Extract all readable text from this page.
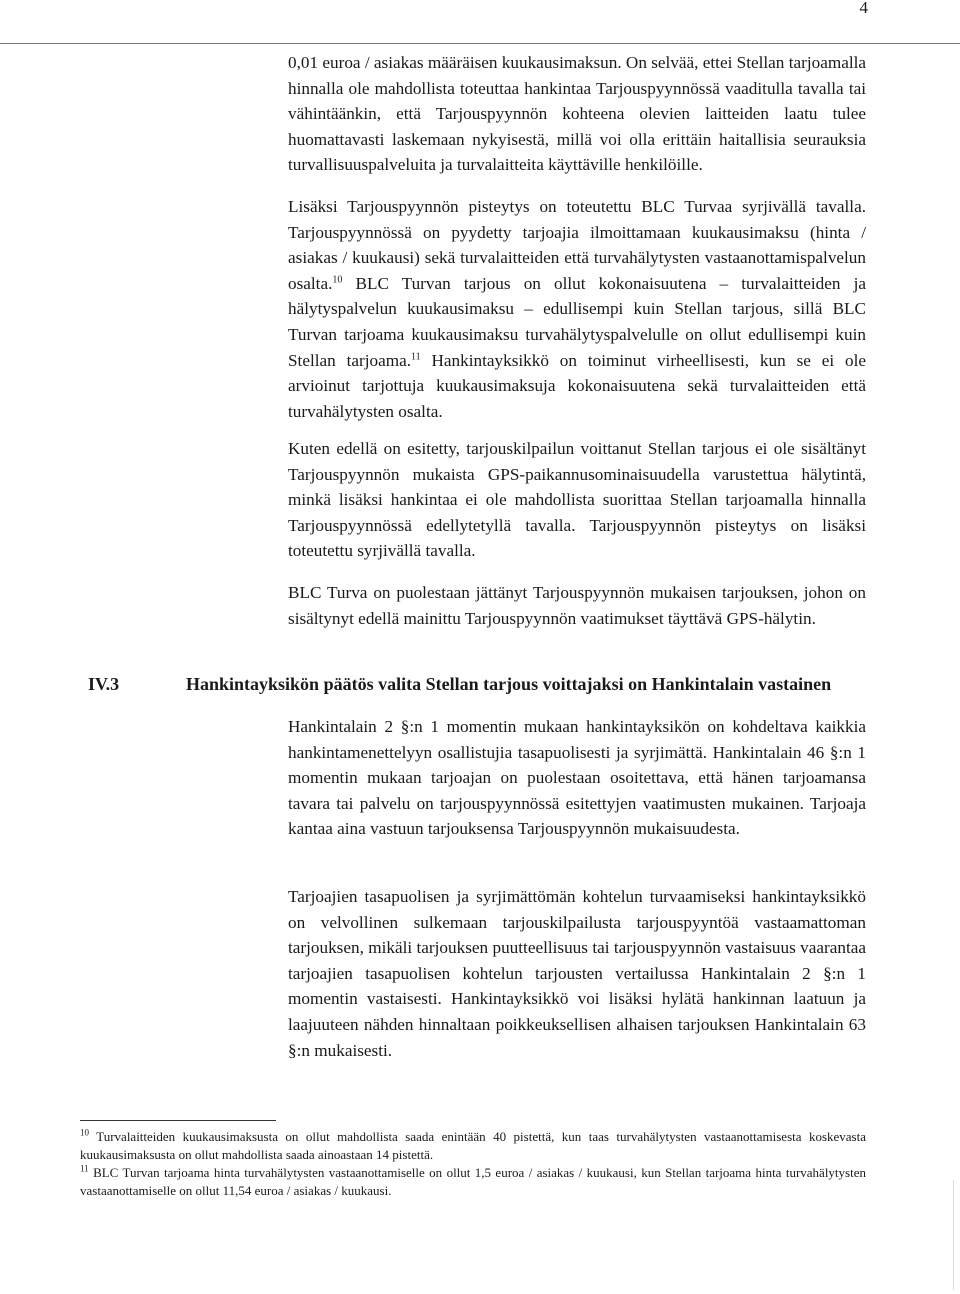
4

0,01 euroa / asiakas määräisen kuukausimaksun. On selvää, ettei Stellan tarjoamalla hinnalla ole mahdollista toteuttaa hankintaa Tarjouspyynnössä vaaditulla tavalla tai vähintäänkin, että Tarjouspyynnön kohteena olevien laitteiden laatu tulee huomattavasti laskemaan nykyisestä, millä voi olla erittäin haitallisia seurauksia turvallisuuspalveluita ja turvalaitteita käyttäville henkilöille.

Lisäksi Tarjouspyynnön pisteytys on toteutettu BLC Turvaa syrjivällä tavalla. Tarjouspyynnössä on pyydetty tarjoajia ilmoittamaan kuukausimaksu (hinta / asiakas / kuukausi) sekä turvalaitteiden että turvahälytysten vastaanottamispalvelun osalta.$^{10}$ BLC Turvan tarjous on ollut kokonaisuutena – turvalaitteiden ja hälytyspalvelun kuukausimaksu – edullisempi kuin Stellan tarjous, sillä BLC Turvan tarjoama kuukausimaksu turvahälytyspalvelulle on ollut edullisempi kuin Stellan tarjoama.$^{11}$ Hankintayksikkö on toiminut virheellisesti, kun se ei ole arvioinut tarjottuja kuukausimaksuja kokonaisuutena sekä turvalaitteiden että turvahälytysten osalta.

Kuten edellä on esitetty, tarjouskilpailun voittanut Stellan tarjous ei ole sisältänyt Tarjouspyynnön mukaista GPS-paikannusominaisuudella varustettua hälytintä, minkä lisäksi hankintaa ei ole mahdollista suorittaa Stellan tarjoamalla hinnalla Tarjouspyynnössä edellytetyllä tavalla. Tarjouspyynnön pisteytys on lisäksi toteutettu syrjivällä tavalla.

BLC Turva on puolestaan jättänyt Tarjouspyynnön mukaisen tarjouksen, johon on sisältynyt edellä mainittu Tarjouspyynnön vaatimukset täyttävä GPS-hälytin.

IV.3	Hankintayksikön päätös valita Stellan tarjous voittajaksi on Hankintalain vastainen

Hankintalain 2 §:n 1 momentin mukaan hankintayksikön on kohdeltava kaikkia hankintamenettelyyn osallistujia tasapuolisesti ja syrjimättä. Hankintalain 46 §:n 1 momentin mukaan tarjoajan on puolestaan osoitettava, että hänen tarjoamansa tavara tai palvelu on tarjouspyynnössä esitettyjen vaatimusten mukainen. Tarjoaja kantaa aina vastuun tarjouksensa Tarjouspyynnön mukaisuudesta.

Tarjoajien tasapuolisen ja syrjimättömän kohtelun turvaamiseksi hankintayksikkö on velvollinen sulkemaan tarjouskilpailusta tarjouspyyntöä vastaamattoman tarjouksen, mikäli tarjouksen puutteellisuus tai tarjouspyynnön vastaisuus vaarantaa tarjoajien tasapuolisen kohtelun tarjousten vertailussa Hankintalain 2 §:n 1 momentin vastaisesti. Hankintayksikkö voi lisäksi hylätä hankinnan laatuun ja laajuuteen nähden hinnaltaan poikkeuksellisen alhaisen tarjouksen Hankintalain 63 §:n mukaisesti.

$^{10}$ Turvalaitteiden kuukausimaksusta on ollut mahdollista saada enintään 40 pistettä, kun taas turvahälytysten vastaanottamisesta koskevasta kuukausimaksusta on ollut mahdollista saada ainoastaan 14 pistettä.

$^{11}$ BLC Turvan tarjoama hinta turvahälytysten vastaanottamiselle on ollut 1,5 euroa / asiakas / kuukausi, kun Stellan tarjoama hinta turvahälytysten vastaanottamiselle on ollut 11,54 euroa / asiakas / kuukausi.
